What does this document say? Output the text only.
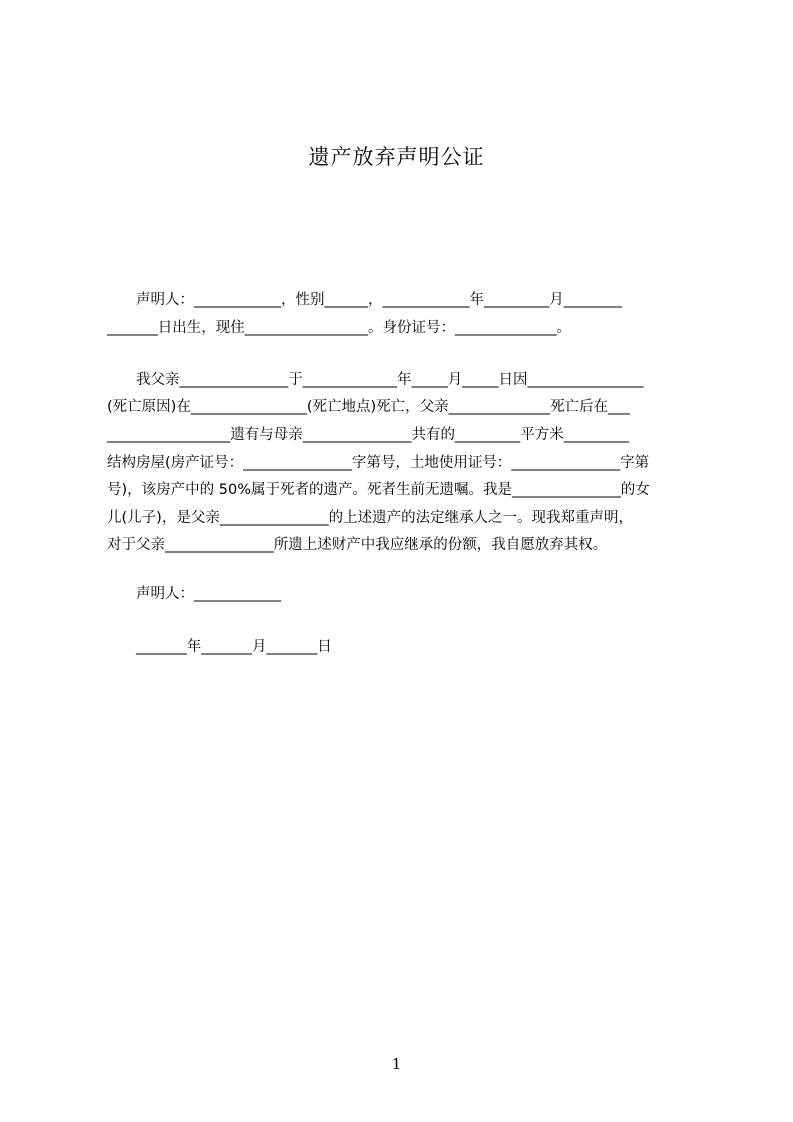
遗产放弃声明公证
　　声明人：____________，性别______，____________年_________月________
_______日出生，现住_________________。身份证号：______________。
　　我父亲_______________于_____________年_____月_____日因________________
(死亡原因)在________________(死亡地点)死亡，父亲______________死亡后在___
_________________遗有与母亲_______________共有的_________平方米_________
结构房屋(房产证号：_______________字第号，土地使用证号：_______________字第
号)，该房产中的 50%属于死者的遗产。死者生前无遗嘱。我是_______________的女
儿(儿子)，是父亲_______________的上述遗产的法定继承人之一。现我郑重声明，
对于父亲_______________所遗上述财产中我应继承的份额，我自愿放弃其权。
　　声明人：____________
　　_______年_______月_______日
1
